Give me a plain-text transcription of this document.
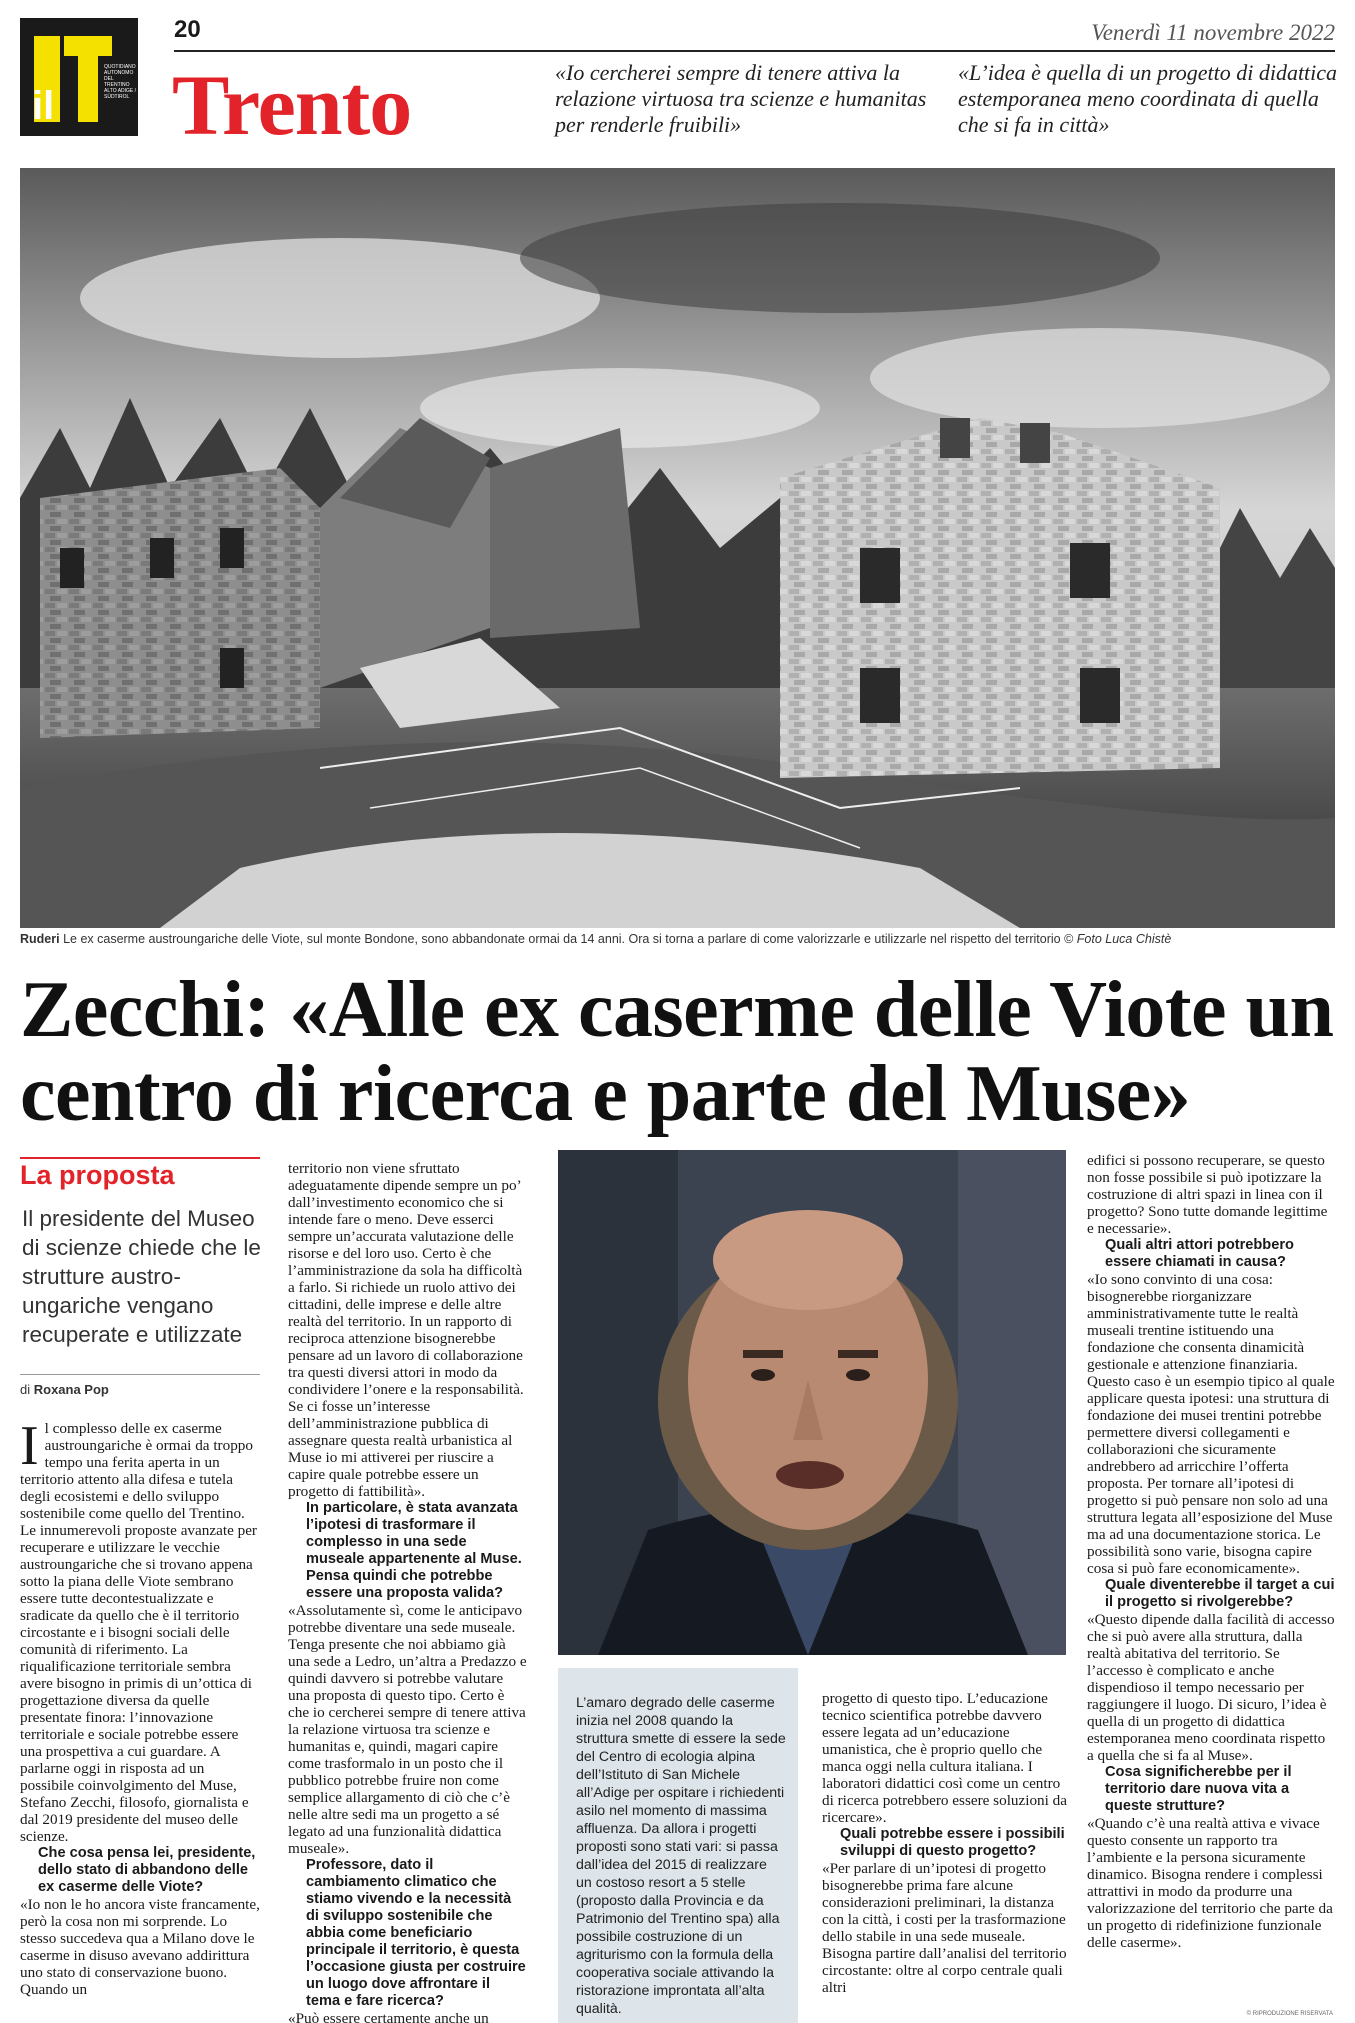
il
QUOTIDIANO AUTONOMO DEL TRENTINO ALTO ADIGE / SÜDTIROL
20	Venerdì 11 novembre 2022
Trento	«Io cercherei sempre di tenere attiva la relazione virtuosa tra scienze e humanitas per renderle fruibili»
«L’idea è quella di un progetto di didattica estemporanea meno coordinata di quella che si fa in città»
Ruderi Le ex caserme austroungariche delle Viote, sul monte Bondone, sono abbandonate ormai da 14 anni. Ora si torna a parlare di come valorizzarle e utilizzarle nel rispetto del territorio © Foto Luca Chistè
Zecchi: «Alle ex caserme delle Viote un centro di ricerca e parte del Muse»
La proposta
Il presidente del Museo di scienze chiede che le strutture austro-ungariche vengano recuperate e utilizzate
di Roxana Pop

Il complesso delle ex caserme austroungariche è ormai da troppo tempo una ferita aperta in un territorio attento alla difesa e tutela degli ecosistemi e dello sviluppo sostenibile come quello del Trentino. Le innumerevoli proposte avanzate per recuperare e utilizzare le vecchie austroungariche che si trovano appena sotto la piana delle Viote sembrano essere tutte decontestualizzate e sradicate da quello che è il territorio circostante e i bisogni sociali delle comunità di riferimento. La riqualificazione territoriale sembra avere bisogno in primis di un’ottica di progettazione diversa da quelle presentate finora: l’innovazione territoriale e sociale potrebbe essere una prospettiva a cui guardare. A parlarne oggi in risposta ad un possibile coinvolgimento del Muse, Stefano Zecchi, filosofo, giornalista e dal 2019 presidente del museo delle scienze.

Che cosa pensa lei, presidente, dello stato di abbandono delle ex caserme delle Viote?

«Io non le ho ancora viste francamente, però la cosa non mi sorprende. Lo stesso succedeva qua a Milano dove le caserme in disuso avevano addirittura uno stato di conservazione buono. Quando un

territorio non viene sfruttato adeguatamente dipende sempre un po’ dall’investimento economico che si intende fare o meno. Deve esserci sempre un’accurata valutazione delle risorse e del loro uso. Certo è che l’amministrazione da sola ha difficoltà a farlo. Si richiede un ruolo attivo dei cittadini, delle imprese e delle altre realtà del territorio. In un rapporto di reciproca attenzione bisognerebbe pensare ad un lavoro di collaborazione tra questi diversi attori in modo da condividere l’onere e la responsabilità. Se ci fosse un’interesse dell’amministrazione pubblica di assegnare questa realtà urbanistica al Muse io mi attiverei per riuscire a capire quale potrebbe essere un progetto di fattibilità».

In particolare, è stata avanzata l’ipotesi di trasformare il complesso in una sede museale appartenente al Muse. Pensa quindi che potrebbe essere una proposta valida?

«Assolutamente sì, come le anticipavo potrebbe diventare una sede museale. Tenga presente che noi abbiamo già una sede a Ledro, un’altra a Predazzo e quindi davvero si potrebbe valutare una proposta di questo tipo. Certo è che io cercherei sempre di tenere attiva la relazione virtuosa tra scienze e humanitas e, quindi, magari capire come trasformalo in un posto che il pubblico potrebbe fruire non come semplice allargamento di ciò che c’è nelle altre sedi ma un progetto a sé legato ad una funzionalità didattica museale».

Professore, dato il cambiamento climatico che stiamo vivendo e la necessità di sviluppo sostenibile che abbia come beneficiario principale il territorio, è questa l’occasione giusta per costruire un luogo dove affrontare il tema e fare ricerca?

«Può essere certamente anche un

L’amaro degrado delle caserme inizia nel 2008 quando la struttura smette di essere la sede del Centro di ecologia alpina dell’Istituto di San Michele all’Adige per ospitare i richiedenti asilo nel momento di massima affluenza. Da allora i progetti proposti sono stati vari: si passa dall’idea del 2015 di realizzare un costoso resort a 5 stelle (proposto dalla Provincia e da Patrimonio del Trentino spa) alla possibile costruzione di un agriturismo con la formula della cooperativa sociale attivando la ristorazione improntata all’alta qualità.

progetto di questo tipo. L’educazione tecnico scientifica potrebbe davvero essere legata ad un’educazione umanistica, che è proprio quello che manca oggi nella cultura italiana. I laboratori didattici così come un centro di ricerca potrebbero essere soluzioni da ricercare».

Quali potrebbe essere i possibili sviluppi di questo progetto?

«Per parlare di un’ipotesi di progetto bisognerebbe prima fare alcune considerazioni preliminari, la distanza con la città, i costi per la trasformazione dello stabile in una sede museale. Bisogna partire dall’analisi del territorio circostante: oltre al corpo centrale quali altri

edifici si possono recuperare, se questo non fosse possibile si può ipotizzare la costruzione di altri spazi in linea con il progetto? Sono tutte domande legittime e necessarie».

Quali altri attori potrebbero essere chiamati in causa?

«Io sono convinto di una cosa: bisognerebbe riorganizzare amministrativamente tutte le realtà museali trentine istituendo una fondazione che consenta dinamicità gestionale e attenzione finanziaria. Questo caso è un esempio tipico al quale applicare questa ipotesi: una struttura di fondazione dei musei trentini potrebbe permettere diversi collegamenti e collaborazioni che sicuramente andrebbero ad arricchire l’offerta proposta. Per tornare all’ipotesi di progetto si può pensare non solo ad una struttura legata all’esposizione del Muse ma ad una documentazione storica. Le possibilità sono varie, bisogna capire cosa si può fare economicamente».

Quale diventerebbe il target a cui il progetto si rivolgerebbe?

«Questo dipende dalla facilità di accesso che si può avere alla struttura, dalla realtà abitativa del territorio. Se l’accesso è complicato e anche dispendioso il tempo necessario per raggiungere il luogo. Di sicuro, l’idea è quella di un progetto di didattica estemporanea meno coordinata rispetto a quella che si fa al Muse».

Cosa significherebbe per il territorio dare nuova vita a queste strutture?

«Quando c’è una realtà attiva e vivace questo consente un rapporto tra l’ambiente e la persona sicuramente dinamico. Bisogna rendere i complessi attrattivi in modo da produrre una valorizzazione del territorio che parte da un progetto di ridefinizione funzionale delle caserme».

© RIPRODUZIONE RISERVATA
